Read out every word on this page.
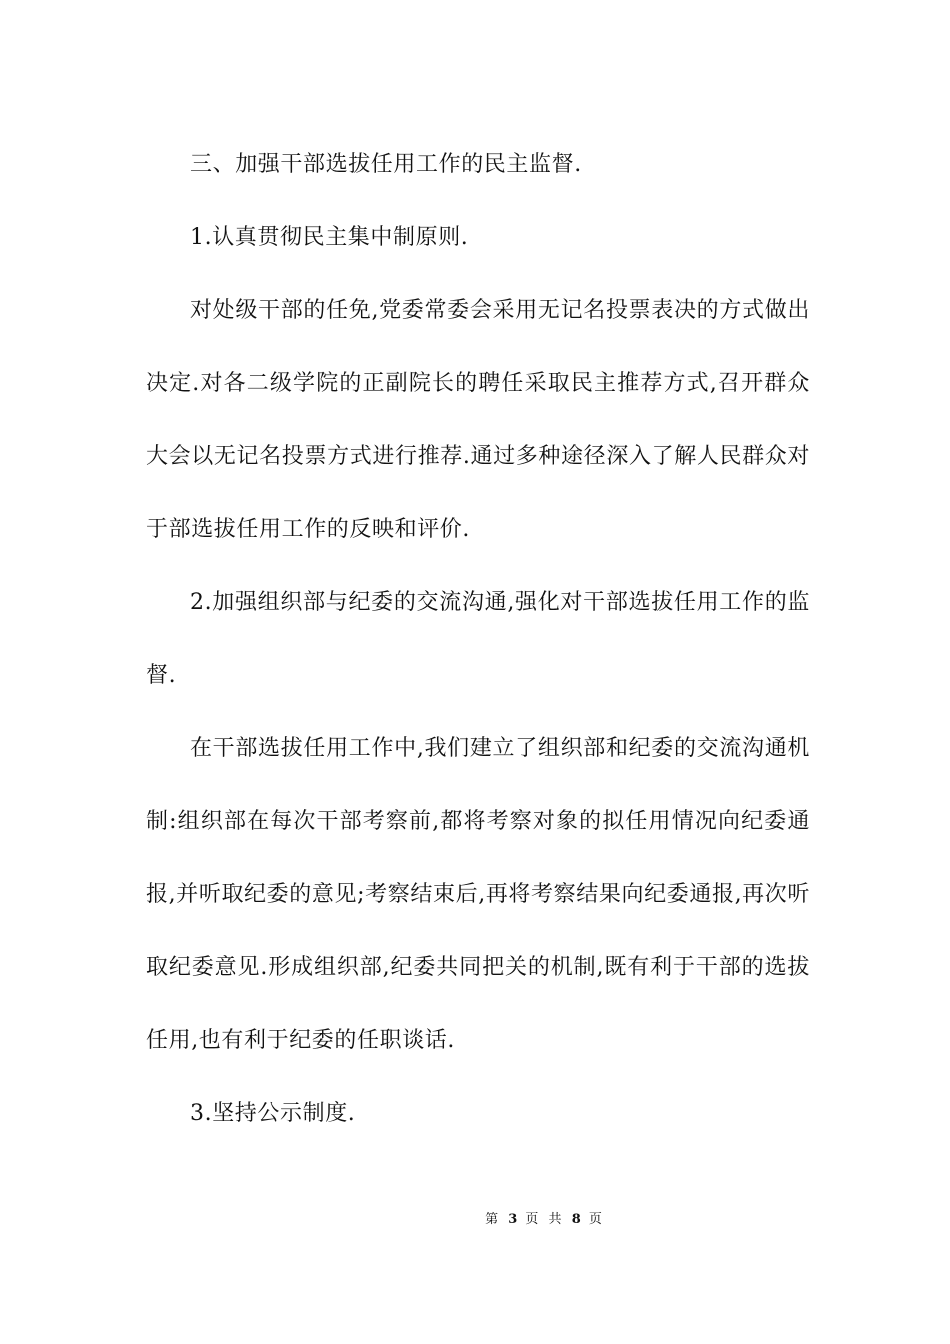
三、加强干部选拔任用工作的民主监督.

1.认真贯彻民主集中制原则.

对处级干部的任免,党委常委会采用无记名投票表决的方式做出决定.对各二级学院的正副院长的聘任采取民主推荐方式,召开群众大会以无记名投票方式进行推荐.通过多种途径深入了解人民群众对于部选拔任用工作的反映和评价.

2.加强组织部与纪委的交流沟通,强化对干部选拔任用工作的监督.

在干部选拔任用工作中,我们建立了组织部和纪委的交流沟通机制:组织部在每次干部考察前,都将考察对象的拟任用情况向纪委通报,并听取纪委的意见;考察结束后,再将考察结果向纪委通报,再次听取纪委意见.形成组织部,纪委共同把关的机制,既有利于干部的选拔任用,也有利于纪委的任职谈话.

3.坚持公示制度.

第 3 页 共 8 页
